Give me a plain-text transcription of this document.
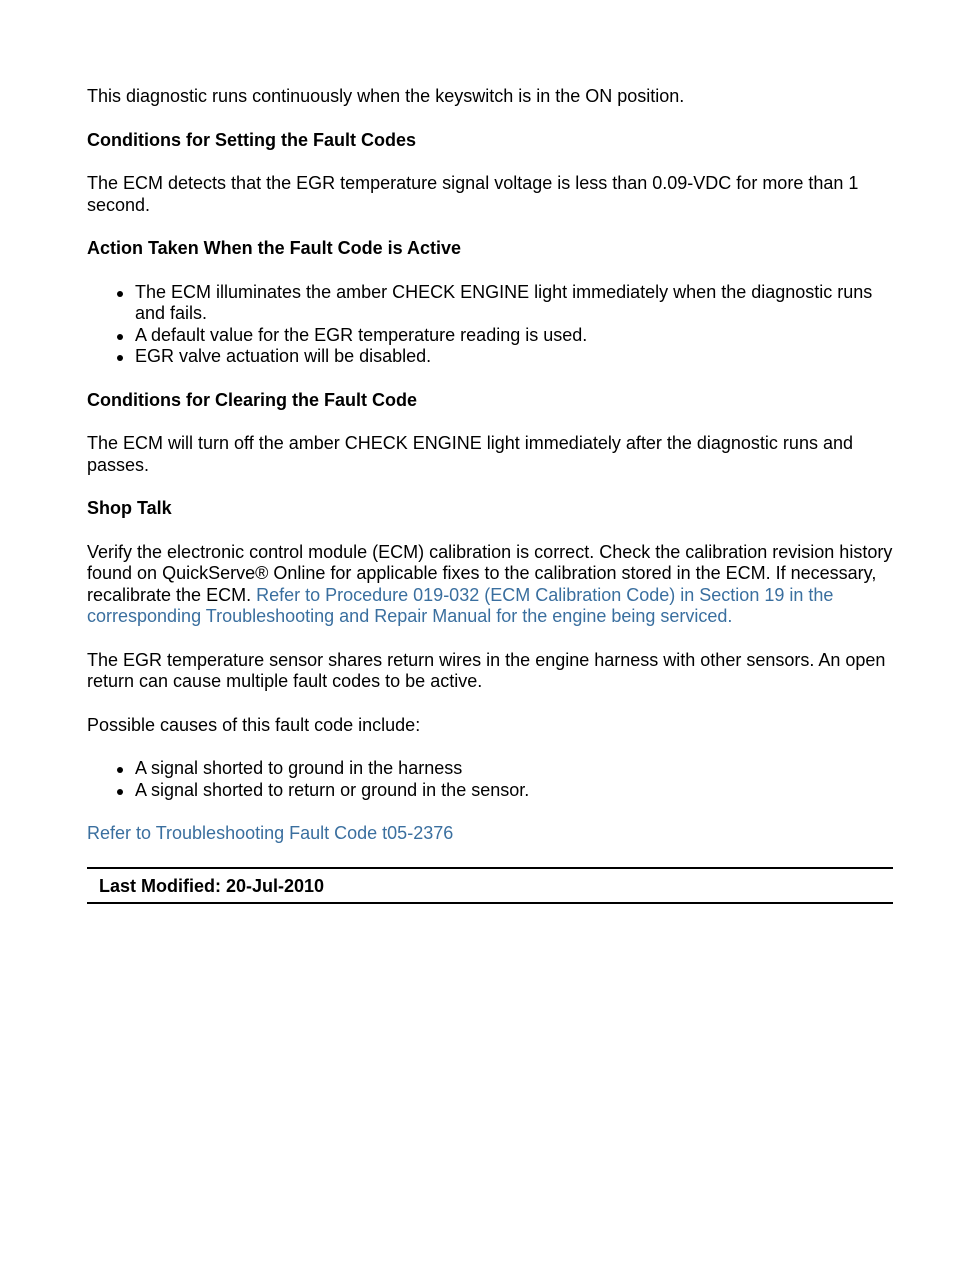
This diagnostic runs continuously when the keyswitch is in the ON position.

Conditions for Setting the Fault Codes

The ECM detects that the EGR temperature signal voltage is less than 0.09-VDC for more than 1 second.

Action Taken When the Fault Code is Active
The ECM illuminates the amber CHECK ENGINE light immediately when the diagnostic runs and fails.
A default value for the EGR temperature reading is used.
EGR valve actuation will be disabled.
Conditions for Clearing the Fault Code

The ECM will turn off the amber CHECK ENGINE light immediately after the diagnostic runs and passes.

Shop Talk

Verify the electronic control module (ECM) calibration is correct. Check the calibration revision history found on QuickServe® Online for applicable fixes to the calibration stored in the ECM. If necessary, recalibrate the ECM. Refer to Procedure 019-032 (ECM Calibration Code) in Section 19 in the corresponding Troubleshooting and Repair Manual for the engine being serviced.

The EGR temperature sensor shares return wires in the engine harness with other sensors. An open return can cause multiple fault codes to be active.

Possible causes of this fault code include:

A signal shorted to ground in the harness
A signal shorted to return or ground in the sensor.

Refer to Troubleshooting Fault Code t05-2376

Last Modified: 20-Jul-2010
